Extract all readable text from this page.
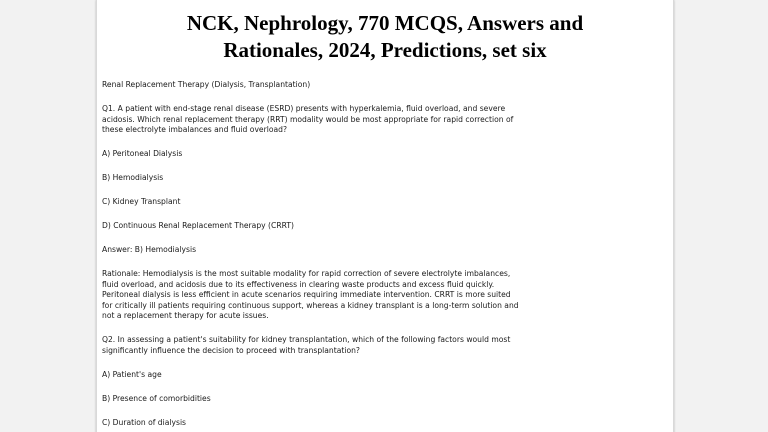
NCK, Nephrology, 770 MCQS, Answers and
Rationales, 2024, Predictions, set six

Renal Replacement Therapy (Dialysis, Transplantation)

Q1. A patient with end-stage renal disease (ESRD) presents with hyperkalemia, fluid overload, and severe acidosis. Which renal replacement therapy (RRT) modality would be most appropriate for rapid correction of these electrolyte imbalances and fluid overload?

A) Peritoneal Dialysis

B) Hemodialysis

C) Kidney Transplant

D) Continuous Renal Replacement Therapy (CRRT)

Answer: B) Hemodialysis

Rationale: Hemodialysis is the most suitable modality for rapid correction of severe electrolyte imbalances, fluid overload, and acidosis due to its effectiveness in clearing waste products and excess fluid quickly. Peritoneal dialysis is less efficient in acute scenarios requiring immediate intervention. CRRT is more suited for critically ill patients requiring continuous support, whereas a kidney transplant is a long-term solution and not a replacement therapy for acute issues.

Q2. In assessing a patient's suitability for kidney transplantation, which of the following factors would most significantly influence the decision to proceed with transplantation?

A) Patient's age

B) Presence of comorbidities

C) Duration of dialysis
